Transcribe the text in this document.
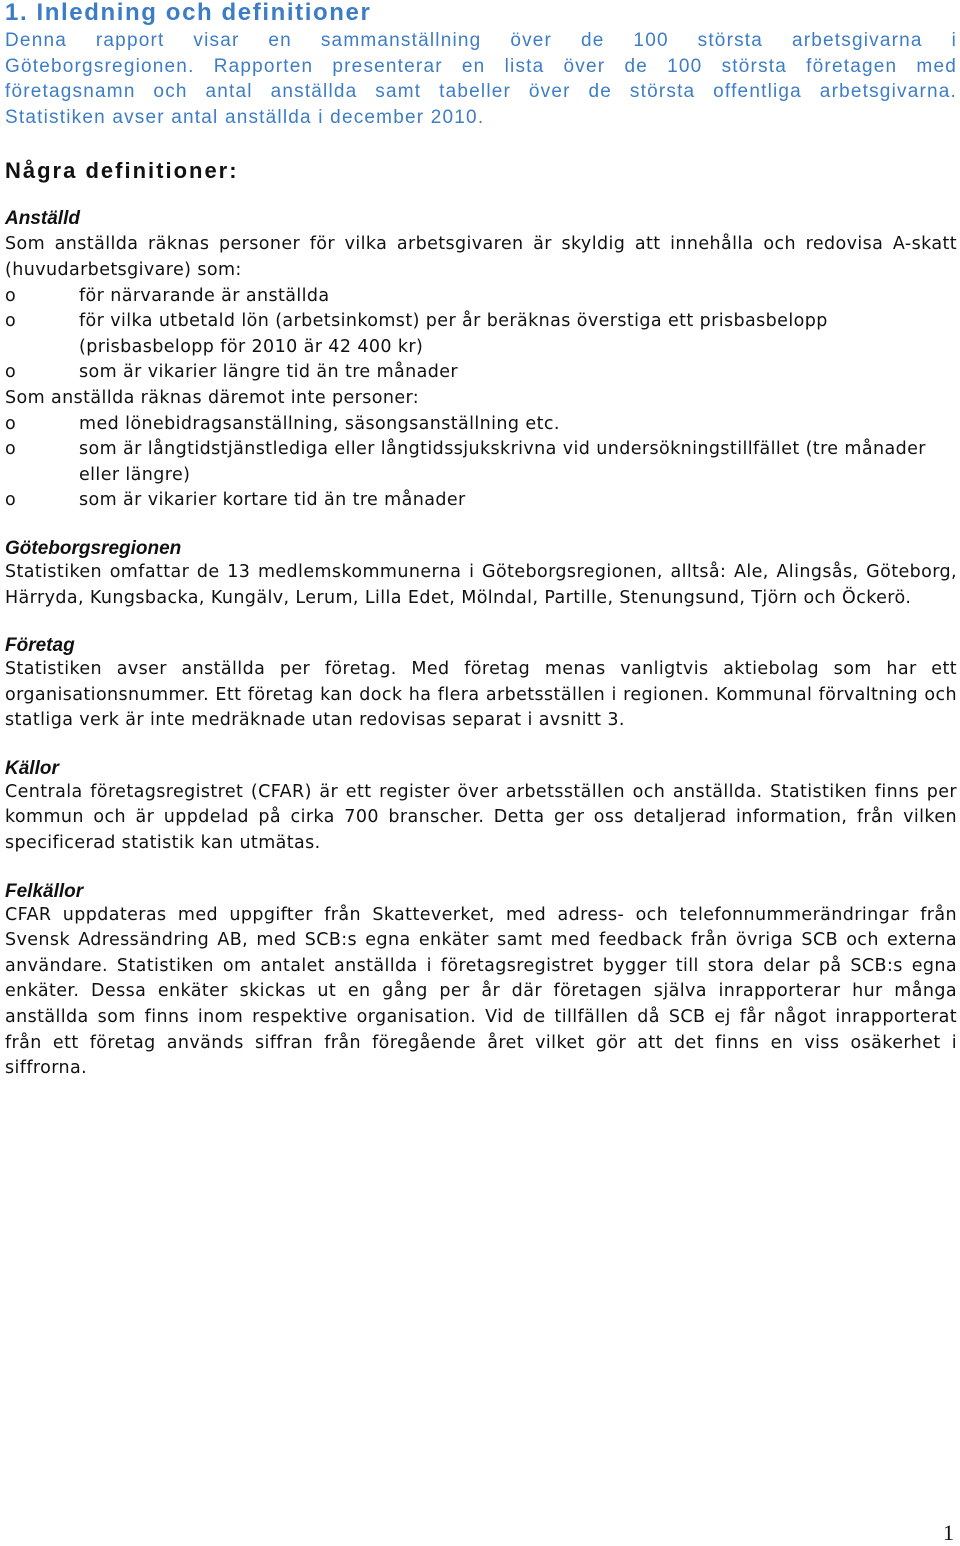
1. Inledning och definitioner

Denna rapport visar en sammanställning över de 100 största arbetsgivarna i

Göteborgsregionen. Rapporten presenterar en lista över de 100 största företagen med

företagsnamn och antal anställda samt tabeller över de största offentliga arbetsgivarna.

Statistiken avser antal anställda i december 2010.

Några definitioner:
Anställd

Som anställda räknas personer för vilka arbetsgivaren är skyldig att innehålla och redovisa A-skatt (huvudarbetsgivare) som:

o	för närvarande är anställda
o	för vilka utbetald lön (arbetsinkomst) per år beräknas överstiga ett prisbasbelopp (prisbasbelopp för 2010 är 42 400 kr)
o	som är vikarier längre tid än tre månader

Som anställda räknas däremot inte personer:

o	med lönebidragsanställning, säsongsanställning etc.
o	som är långtidstjänstlediga eller långtidssjukskrivna vid undersökningstillfället (tre månader eller längre)
o	som är vikarier kortare tid än tre månader
Göteborgsregionen

Statistiken omfattar de 13 medlemskommunerna i Göteborgsregionen, alltså: Ale, Alingsås, Göteborg, Härryda, Kungsbacka, Kungälv, Lerum, Lilla Edet, Mölndal, Partille, Stenungsund, Tjörn och Öckerö.

Företag

Statistiken avser anställda per företag. Med företag menas vanligtvis aktiebolag som har ett organisationsnummer. Ett företag kan dock ha flera arbetsställen i regionen. Kommunal förvaltning och statliga verk är inte medräknade utan redovisas separat i avsnitt 3.

Källor

Centrala företagsregistret (CFAR) är ett register över arbetsställen och anställda. Statistiken finns per kommun och är uppdelad på cirka 700 branscher. Detta ger oss detaljerad information, från vilken specificerad statistik kan utmätas.

Felkällor

CFAR uppdateras med uppgifter från Skatteverket, med adress- och telefonnummerändringar från Svensk Adressändring AB, med SCB:s egna enkäter samt med feedback från övriga SCB och externa användare. Statistiken om antalet anställda i företagsregistret bygger till stora delar på SCB:s egna enkäter. Dessa enkäter skickas ut en gång per år där företagen själva inrapporterar hur många anställda som finns inom respektive organisation. Vid de tillfällen då SCB ej får något inrapporterat från ett företag används siffran från föregående året vilket gör att det finns en viss osäkerhet i siffrorna.

1
